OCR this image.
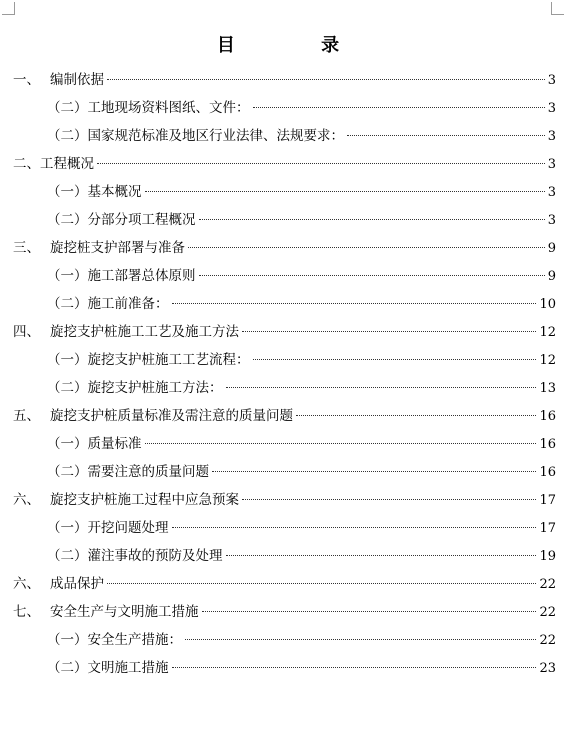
目 录
一、 编制依据	3
（二）工地现场资料图纸、文件：	3
（二）国家规范标准及地区行业法律、法规要求：	3
二、 工程概况	3
（一）基本概况	3
（二）分部分项工程概况	3
三、 旋挖桩支护部署与准备	9
（一）施工部署总体原则	9
（二）施工前准备：	10
四、 旋挖支护桩施工工艺及施工方法	12
（一）旋挖支护桩施工工艺流程：	12
（二）旋挖支护桩施工方法：	13
五、 旋挖支护桩质量标准及需注意的质量问题	16
（一）质量标准	16
（二）需要注意的质量问题	16
六、 旋挖支护桩施工过程中应急预案	17
（一）开挖问题处理	17
（二）灌注事故的预防及处理	19
六、 成品保护	22
七、 安全生产与文明施工措施	22
（一）安全生产措施：	22
（二）文明施工措施	23
